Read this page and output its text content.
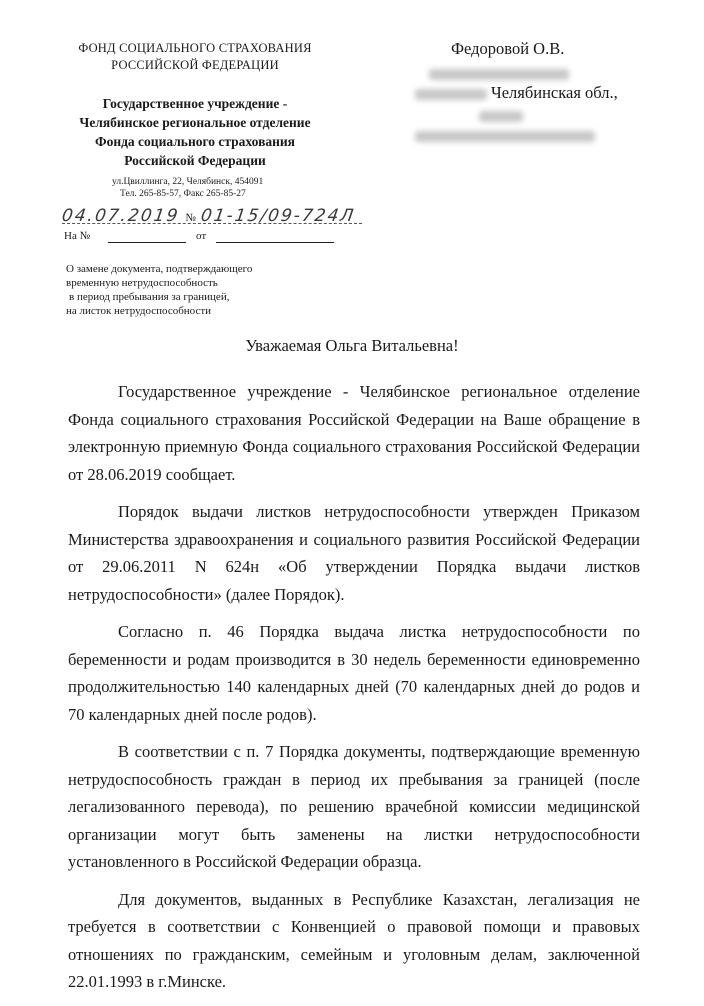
ФОНД СОЦИАЛЬНОГО СТРАХОВАНИЯ
РОССИЙСКОЙ ФЕДЕРАЦИИ
Государственное учреждение -
Челябинское региональное отделение
Фонда социального страхования
Российской Федерации
ул.Цвиллинга, 22, Челябинск, 454091
Тел. 265-85-57, Факс 265-85-27
04.07.2019 № 01-15/09-724Л
На №	от
О замене документа, подтверждающего
временную нетрудоспособность
в период пребывания за границей,
на листок нетрудоспособности
Федоровой О.В.
Челябинская обл.,
Уважаемая Ольга Витальевна!

Государственное учреждение - Челябинское региональное отделение Фонда социального страхования Российской Федерации на Ваше обращение в электронную приемную Фонда социального страхования Российской Федерации от 28.06.2019 сообщает.

Порядок выдачи листков нетрудоспособности утвержден Приказом Министерства здравоохранения и социального развития Российской Федерации от 29.06.2011 N 624н «Об утверждении Порядка выдачи листков нетрудоспособности» (далее Порядок).

Согласно п. 46 Порядка выдача листка нетрудоспособности по беременности и родам производится в 30 недель беременности единовременно продолжительностью 140 календарных дней (70 календарных дней до родов и 70 календарных дней после родов).

В соответствии с п. 7 Порядка документы, подтверждающие временную нетрудоспособность граждан в период их пребывания за границей (после легализованного перевода), по решению врачебной комиссии медицинской организации могут быть заменены на листки нетрудоспособности установленного в Российской Федерации образца.

Для документов, выданных в Республике Казахстан, легализация не требуется в соответствии с Конвенцией о правовой помощи и правовых отношениях по гражданским, семейным и уголовным делам, заключенной 22.01.1993 в г.Минске.
